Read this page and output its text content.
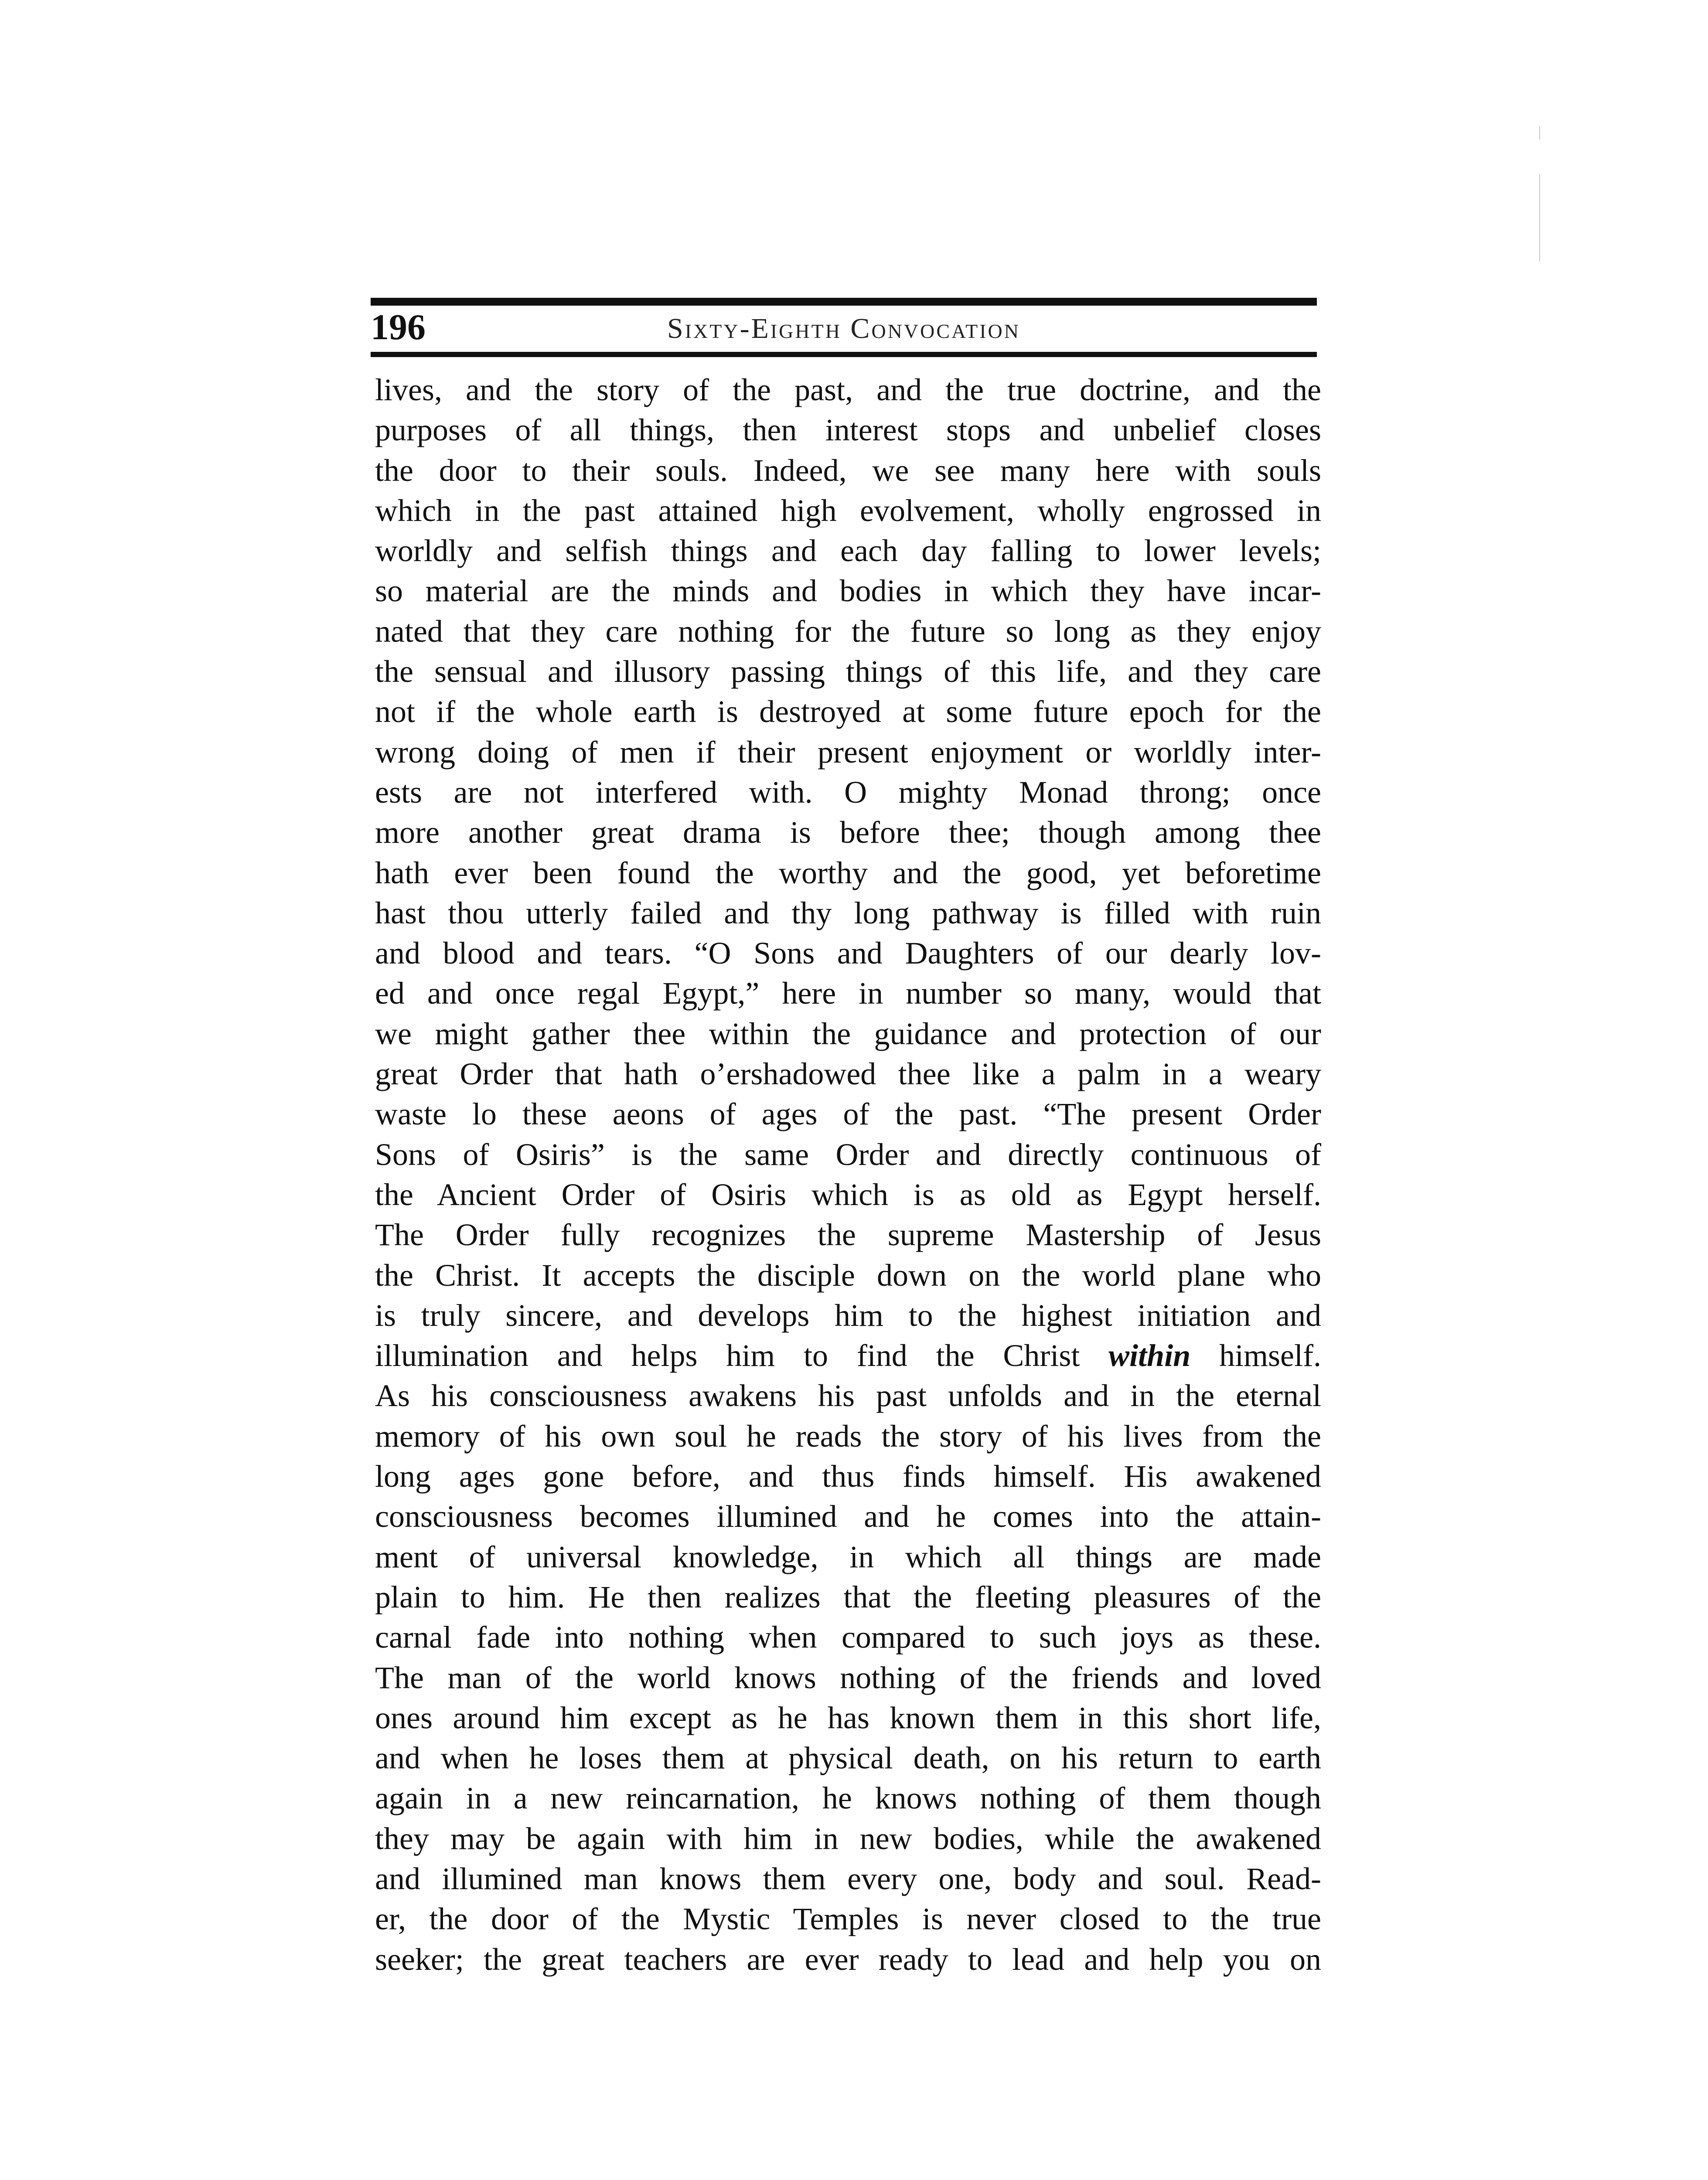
196	Sixty-Eighth Convocation
lives, and the story of the past, and the true doctrine, and the
purposes of all things, then interest stops and unbelief closes
the door to their souls. Indeed, we see many here with souls
which in the past attained high evolvement, wholly engrossed in
worldly and selfish things and each day falling to lower levels;
so material are the minds and bodies in which they have incar-
nated that they care nothing for the future so long as they enjoy
the sensual and illusory passing things of this life, and they care
not if the whole earth is destroyed at some future epoch for the
wrong doing of men if their present enjoyment or worldly inter-
ests are not interfered with. O mighty Monad throng; once
more another great drama is before thee; though among thee
hath ever been found the worthy and the good, yet beforetime
hast thou utterly failed and thy long pathway is filled with ruin
and blood and tears. “O Sons and Daughters of our dearly lov-
ed and once regal Egypt,” here in number so many, would that
we might gather thee within the guidance and protection of our
great Order that hath o’ershadowed thee like a palm in a weary
waste lo these aeons of ages of the past. “The present Order
Sons of Osiris” is the same Order and directly continuous of
the Ancient Order of Osiris which is as old as Egypt herself.
The Order fully recognizes the supreme Mastership of Jesus
the Christ. It accepts the disciple down on the world plane who
is truly sincere, and develops him to the highest initiation and
illumination and helps him to find the Christ within himself.
As his consciousness awakens his past unfolds and in the eternal
memory of his own soul he reads the story of his lives from the
long ages gone before, and thus finds himself. His awakened
consciousness becomes illumined and he comes into the attain-
ment of universal knowledge, in which all things are made
plain to him. He then realizes that the fleeting pleasures of the
carnal fade into nothing when compared to such joys as these.
The man of the world knows nothing of the friends and loved
ones around him except as he has known them in this short life,
and when he loses them at physical death, on his return to earth
again in a new reincarnation, he knows nothing of them though
they may be again with him in new bodies, while the awakened
and illumined man knows them every one, body and soul. Read-
er, the door of the Mystic Temples is never closed to the true
seeker; the great teachers are ever ready to lead and help you on
